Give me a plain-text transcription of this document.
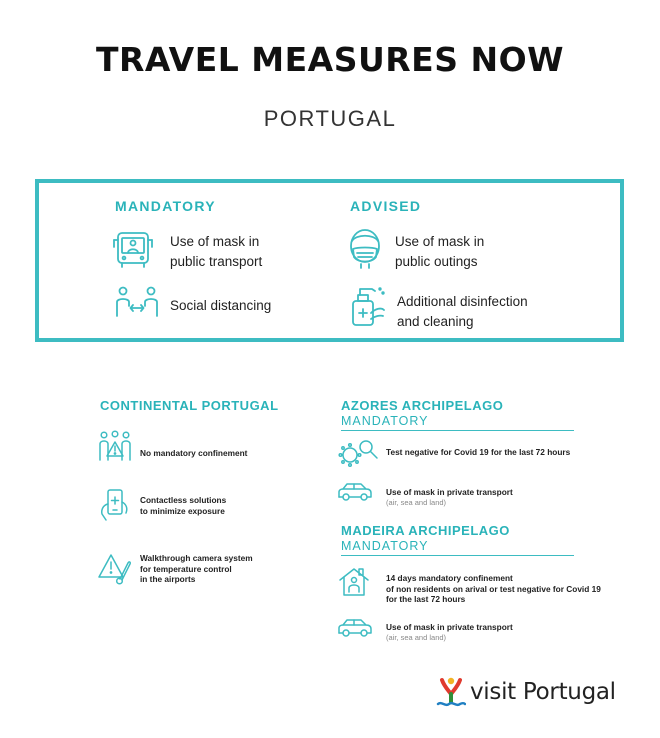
TRAVEL MEASURES NOW
PORTUGAL
MANDATORY	ADVISED
Use of mask in
public transport
Social distancing
Use of mask in
public outings
Additional disinfection
and cleaning
CONTINENTAL PORTUGAL
No mandatory confinement
Contactless solutions
to minimize exposure
Walkthrough camera system
for temperature control
in the airports
AZORES ARCHIPELAGO
MANDATORY
Test negative for Covid 19 for the last 72 hours
Use of mask in private transport
(air, sea and land)
MADEIRA ARCHIPELAGO
MANDATORY
14 days mandatory confinement
of non residents on arival or test negative for Covid 19
for the last 72 hours
Use of mask in private transport
(air, sea and land)
visit Portugal
